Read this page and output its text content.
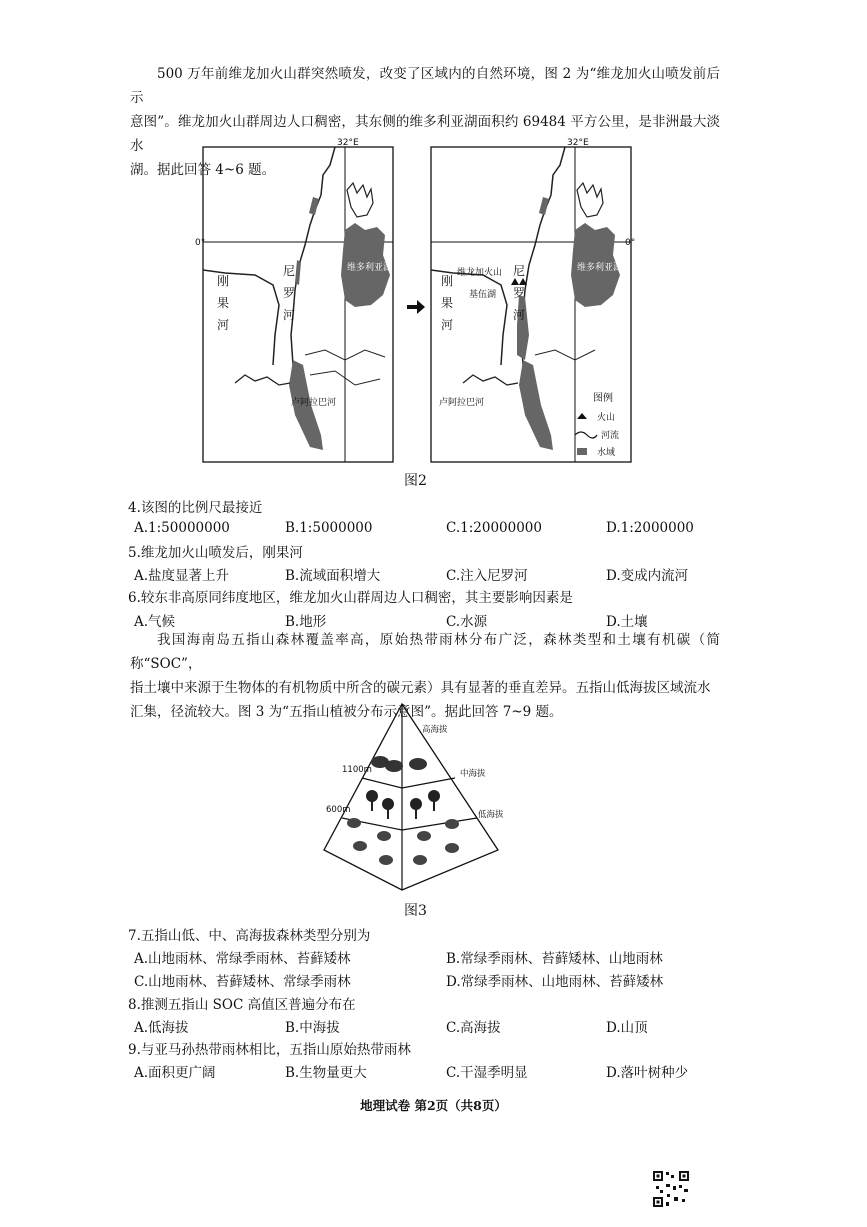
500 万年前维龙加火山群突然喷发，改变了区域内的自然环境，图 2 为“维龙加火山喷发前后示
意图”。维龙加火山群周边人口稠密，其东侧的维多利亚湖面积约 69484 平方公里，是非洲最大淡水
湖。据此回答 4~6 题。
32°E
0°
维多利亚湖
卢阿拉巴河
32°E
0°
维多利亚湖
维龙加火山
基伍湖
卢阿拉巴河	图例
火山
河流
水域
刚 果 河
尼 罗 河
刚 果 河
尼 罗 河
图2
4.该图的比例尺最接近
A.1:50000000	B.1:5000000	C.1:20000000	D.1:2000000
5.维龙加火山喷发后，刚果河
A.盐度显著上升	B.流域面积增大	C.注入尼罗河	D.变成内流河
6.较东非高原同纬度地区，维龙加火山群周边人口稠密，其主要影响因素是
A.气候	B.地形	C.水源	D.土壤
我国海南岛五指山森林覆盖率高，原始热带雨林分布广泛，森林类型和土壤有机碳（简称“SOC”，
指土壤中来源于生物体的有机物质中所含的碳元素）具有显著的垂直差异。五指山低海拔区域流水
汇集，径流较大。图 3 为“五指山植被分布示意图”。据此回答 7~9 题。
高海拔
中海拔
低海拔
1100m
600m
图3
7.五指山低、中、高海拔森林类型分别为
A.山地雨林、常绿季雨林、苔藓矮林	B.常绿季雨林、苔藓矮林、山地雨林
C.山地雨林、苔藓矮林、常绿季雨林	D.常绿季雨林、山地雨林、苔藓矮林
8.推测五指山 SOC 高值区普遍分布在
A.低海拔	B.中海拔	C.高海拔	D.山顶
9.与亚马孙热带雨林相比，五指山原始热带雨林
A.面积更广阔	B.生物量更大	C.干湿季明显	D.落叶树种少
地理试卷 第2页（共8页）
